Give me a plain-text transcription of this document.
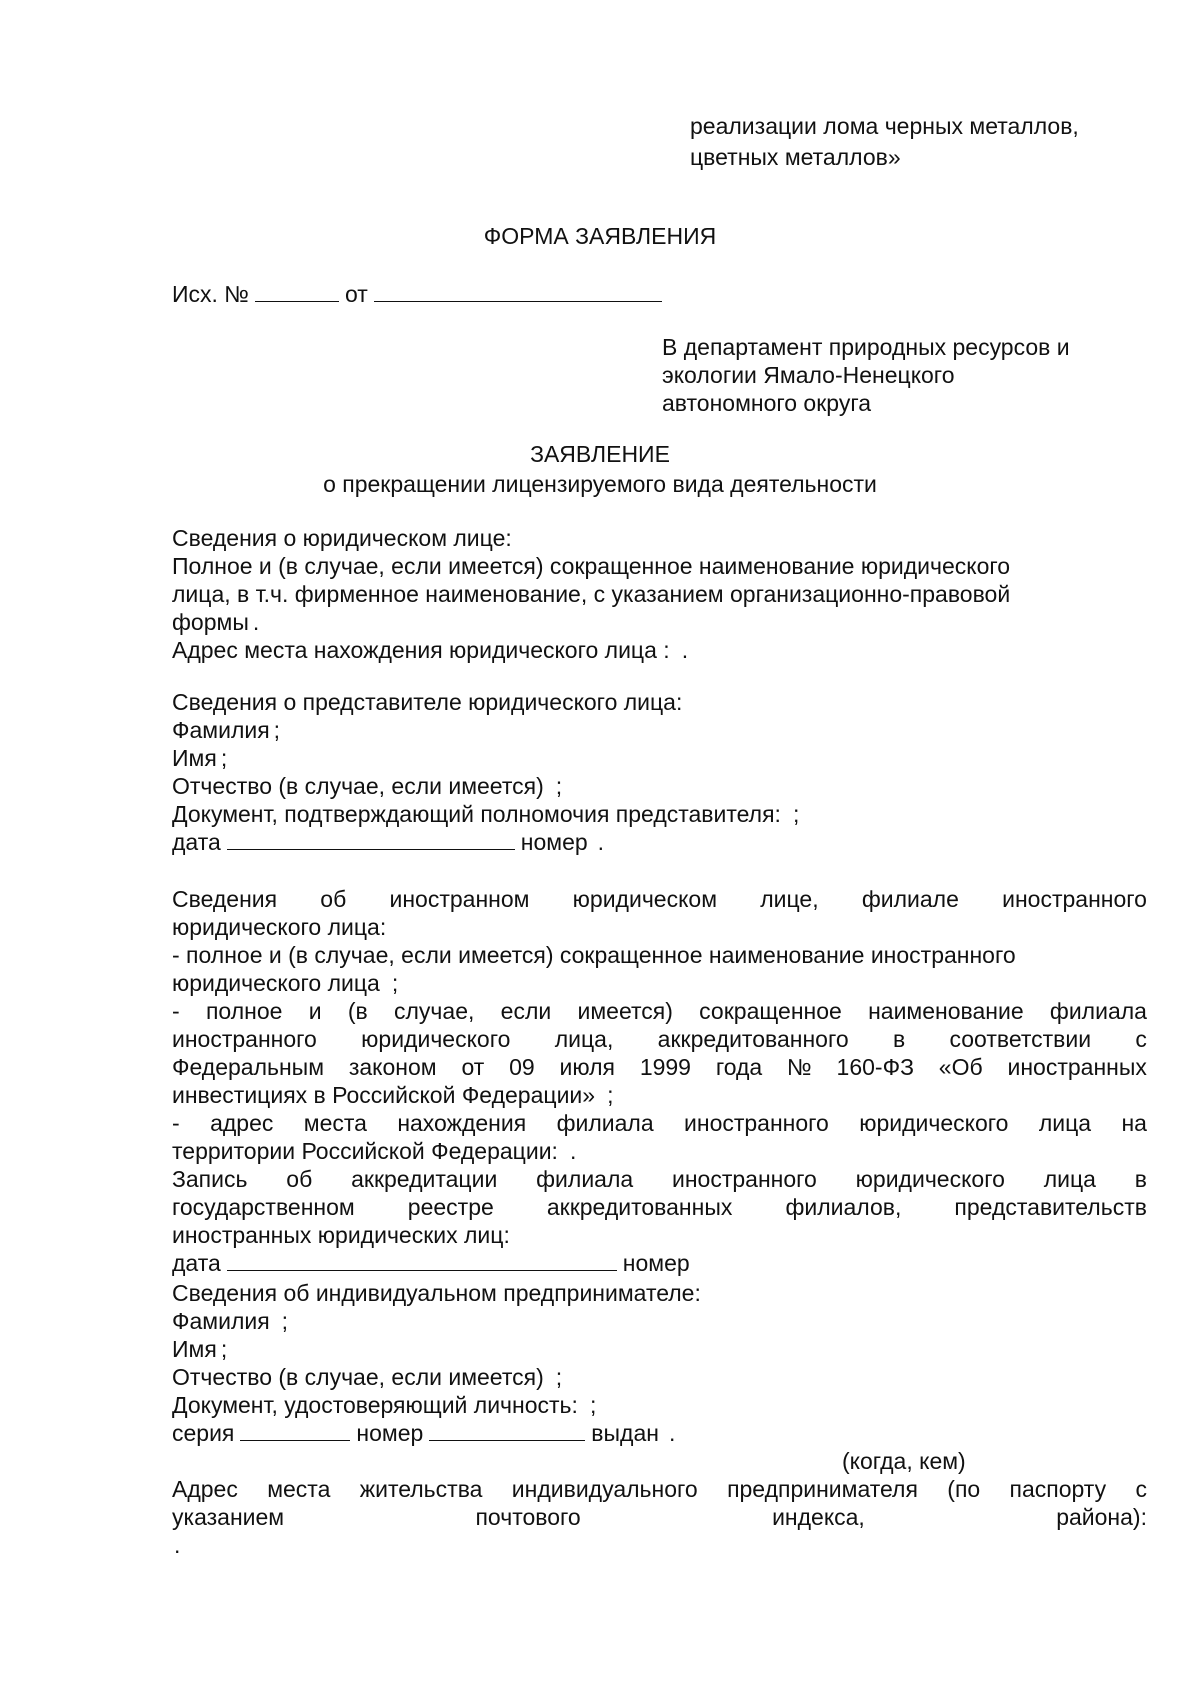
реализации лома черных металлов,
цветных металлов»
ФОРМА ЗАЯВЛЕНИЯ
Исх. №	от
В департамент природных ресурсов и
экологии Ямало-Ненецкого
автономного округа
ЗАЯВЛЕНИЕ
о прекращении лицензируемого вида деятельности
Сведения о юридическом лице:
Полное и (в случае, если имеется) сокращенное наименование юридического
лица, в т.ч. фирменное наименование, с указанием организационно-правовой
формы .
Адрес места нахождения юридического лица : .
Сведения о представителе юридического лица:
Фамилия ;
Имя ;
Отчество (в случае, если имеется) ;
Документ, подтверждающий полномочия представителя: ;
дата	номер .
Сведения об иностранном юридическом лице, филиале иностранного
юридического лица:
- полное и (в случае, если имеется) сокращенное наименование иностранного
юридического лица ;
- полное и (в случае, если имеется) сокращенное наименование филиала
иностранного юридического лица, аккредитованного в соответствии с
Федеральным законом от 09 июля 1999 года № 160-ФЗ «Об иностранных
инвестициях в Российской Федерации» ;
- адрес места нахождения филиала иностранного юридического лица на
территории Российской Федерации: .
Запись об аккредитации филиала иностранного юридического лица в
государственном реестре аккредитованных филиалов, представительств
иностранных юридических лиц:
дата	номер
Сведения об индивидуальном предпринимателе:
Фамилия ;
Имя ;
Отчество (в случае, если имеется) ;
Документ, удостоверяющий личность: ;
серия	номер	выдан .
(когда, кем)
Адрес места жительства индивидуального предпринимателя (по паспорту с
указанием	почтового	индекса,	района):
.
